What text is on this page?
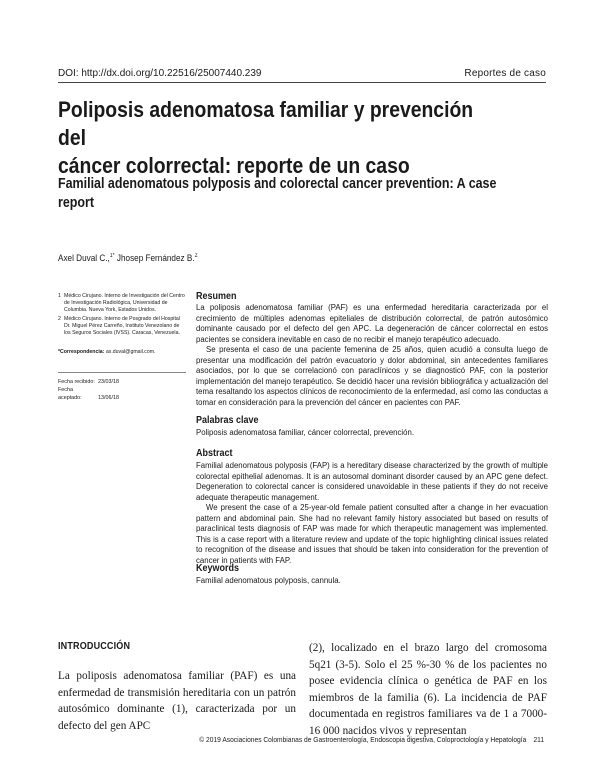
DOI: http://dx.doi.org/10.22516/25007440.239	Reportes de caso
Poliposis adenomatosa familiar y prevención del
cáncer colorrectal: reporte de un caso
Familial adenomatous polyposis and colorectal cancer prevention: A case
report
Axel Duval C.,$^{1*}$ Jhosep Fernández B.$^2$
1 Médico Cirujano. Interno de Investigación del Centro de Investigación Radiológica, Universidad de Columbia. Nueva York, Estados Unidos.
2 Médico Cirujano. Interno de Posgrado del Hospital Dr. Miguel Pérez Carreño, Instituto Venezolano de los Seguros Sociales (IVSS). Caracas, Venezuela.
*Correspondencia: ax.duval@gmail.com.
Fecha recibido: 23/03/18
Fecha aceptado:	13/06/18
Resumen
La poliposis adenomatosa familiar (PAF) es una enfermedad hereditaria caracterizada por el crecimiento de múltiples adenomas epiteliales de distribución colorrectal, de patrón autosómico dominante causado por el defecto del gen APC. La degeneración de cáncer colorrectal en estos pacientes se considera inevitable en caso de no recibir el manejo terapéutico adecuado.
Se presenta el caso de una paciente femenina de 25 años, quien acudió a consulta luego de presentar una modificación del patrón evacuatorio y dolor abdominal, sin antecedentes familiares asociados, por lo que se correlacionó con paraclínicos y se diagnosticó PAF, con la posterior implementación del manejo terapéutico. Se decidió hacer una revisión bibliográfica y actualización del tema resaltando los aspectos clínicos de reconocimiento de la enfermedad, así como las conductas a tomar en consideración para la prevención del cáncer en pacientes con PAF.
Palabras clave
Poliposis adenomatosa familiar, cáncer colorrectal, prevención.
Abstract
Familial adenomatous polyposis (FAP) is a hereditary disease characterized by the growth of multiple colorectal epithelial adenomas. It is an autosomal dominant disorder caused by an APC gene defect. Degeneration to colorectal cancer is considered unavoidable in these patients if they do not receive adequate therapeutic management.
We present the case of a 25-year-old female patient consulted after a change in her evacuation pattern and abdominal pain. She had no relevant family history associated but based on results of paraclinical tests diagnosis of FAP was made for which therapeutic management was implemented. This is a case report with a literature review and update of the topic highlighting clinical issues related to recognition of the disease and issues that should be taken into consideration for the prevention of cancer in patients with FAP.
Keywords
Familial adenomatous polyposis, cannula.
INTRODUCCIÓN
La poliposis adenomatosa familiar (PAF) es una enfermedad de transmisión hereditaria con un patrón autosómico dominante (1), caracterizada por un defecto del gen APC
(2), localizado en el brazo largo del cromosoma 5q21 (3-5). Solo el 25 %-30 % de los pacientes no posee evidencia clínica o genética de PAF en los miembros de la familia (6). La incidencia de PAF documentada en registros familiares va de 1 a 7000-16 000 nacidos vivos y representan
© 2019 Asociaciones Colombianas de Gastroenterología, Endoscopia digestiva, Coloproctología y Hepatología 211
